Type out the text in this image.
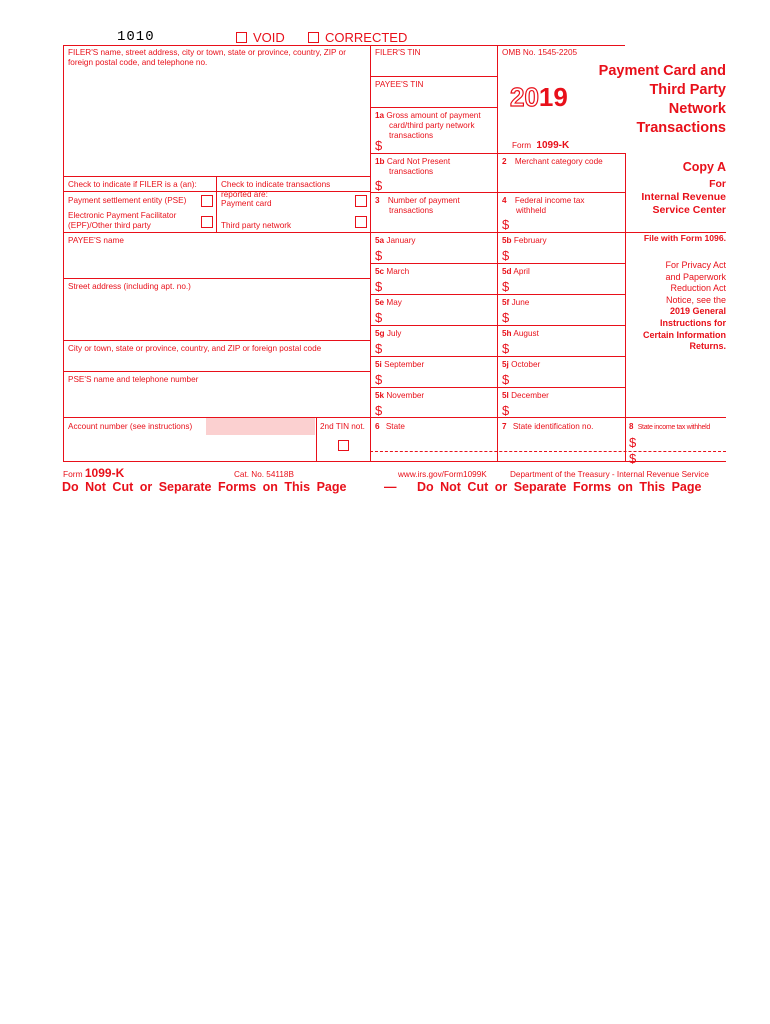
1010	VOID	CORRECTED
FILER'S name, street address, city or town, state or province, country, ZIP or foreign postal code, and telephone no.
FILER'S TIN	OMB No. 1545-2205
Payment Card and
Third Party
Network
Transactions
2019
Form 1099-K
PAYEE'S TIN
1a Gross amount of payment
card/third party network
transactions
$
1b Card Not Present
transactions
$
2 Merchant category code
Check to indicate if FILER is a (an):	Check to indicate transactions
reported are:
Payment settlement entity (PSE)
Electronic Payment Facilitator
(EPF)/Other third party
Payment card
Third party network
3 Number of payment
transactions
4 Federal income tax
withheld
$
Copy A
For
Internal Revenue
Service Center
File with Form 1096.
For Privacy Act
and Paperwork
Reduction Act
Notice, see the
2019 General
Instructions for
Certain Information
Returns.
PAYEE'S name
Street address (including apt. no.)
City or town, state or province, country, and ZIP or foreign postal code
PSE'S name and telephone number
Account number (see instructions)	2nd TIN not.
5a January
$
5b February
$
5c March
$
5d April
$
5e May
$
5f June
$
5g July
$
5h August
$
5i September
$
5j October
$
5k November
$
5l December
$
6 State	7 State identification no.	8 State income tax withheld
$
$
Form 1099-K	Cat. No. 54118B	www.irs.gov/Form1099K	Department of the Treasury - Internal Revenue Service
Do Not Cut or Separate Forms on This Page	— Do Not Cut or Separate Forms on This Page
